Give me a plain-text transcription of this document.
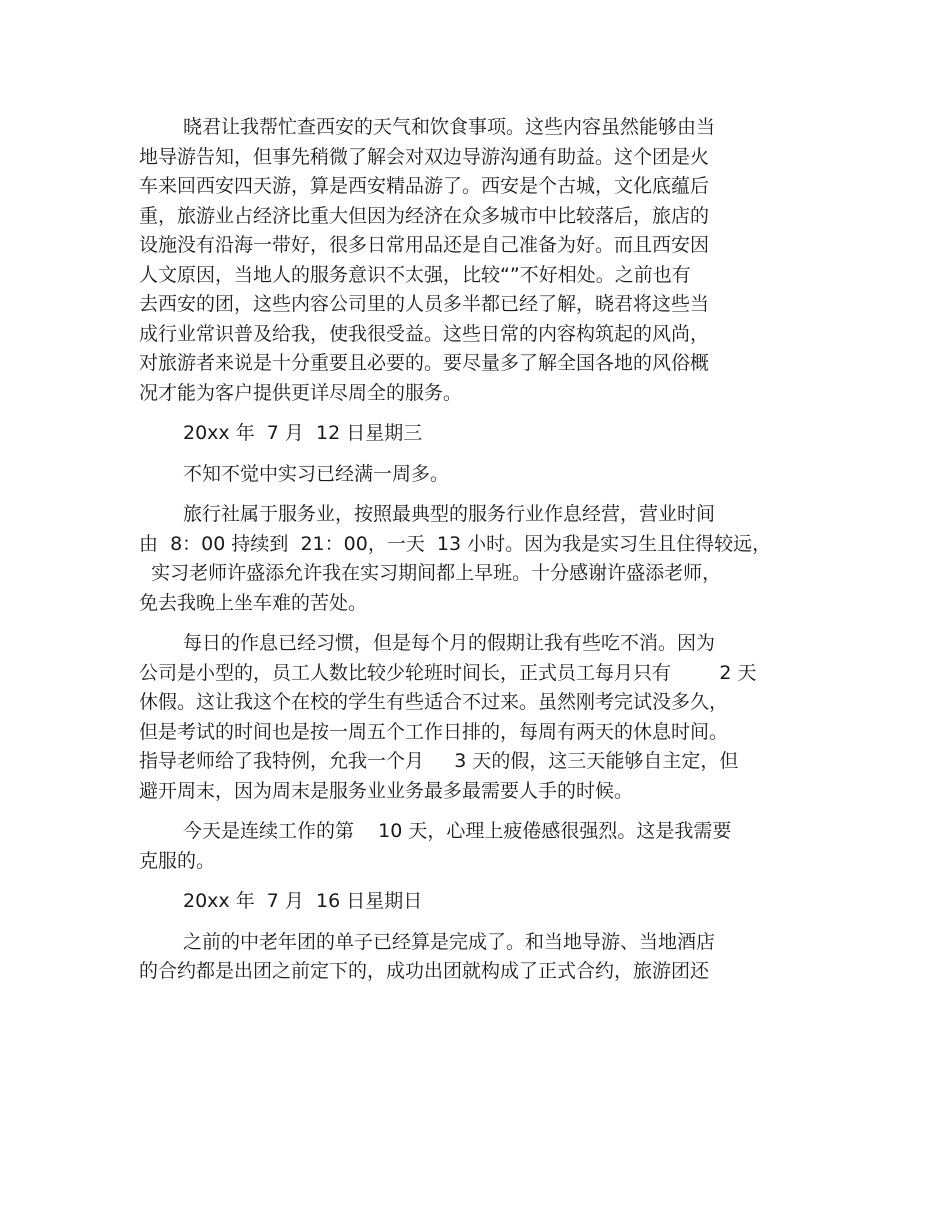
晓君让我帮忙查西安的天气和饮食事项。这些内容虽然能够由当
地导游告知，但事先稍微了解会对双边导游沟通有助益。这个团是火
车来回西安四天游，算是西安精品游了。西安是个古城，文化底蕴后
重，旅游业占经济比重大但因为经济在众多城市中比较落后，旅店的
设施没有沿海一带好，很多日常用品还是自己准备为好。而且西安因
人文原因，当地人的服务意识不太强，比较“”不好相处。之前也有
去西安的团，这些内容公司里的人员多半都已经了解，晓君将这些当
成行业常识普及给我，使我很受益。这些日常的内容构筑起的风尚，
对旅游者来说是十分重要且必要的。要尽量多了解全国各地的风俗概
况才能为客户提供更详尽周全的服务。
20xx 年  7 月  12 日星期三
不知不觉中实习已经满一周多。
旅行社属于服务业，按照最典型的服务行业作息经营，营业时间
由  8：00 持续到  21：00，一天  13 小时。因为我是实习生且住得较远，
实习老师许盛添允许我在实习期间都上早班。十分感谢许盛添老师，
免去我晚上坐车难的苦处。
每日的作息已经习惯，但是每个月的假期让我有些吃不消。因为
公司是小型的，员工人数比较少轮班时间长，正式员工每月只有        2 天
休假。这让我这个在校的学生有些适合不过来。虽然刚考完试没多久，
但是考试的时间也是按一周五个工作日排的，每周有两天的休息时间。
指导老师给了我特例，允我一个月     3 天的假，这三天能够自主定，但
避开周末，因为周末是服务业业务最多最需要人手的时候。
今天是连续工作的第    10 天，心理上疲倦感很强烈。这是我需要
克服的。
20xx 年  7 月  16 日星期日
之前的中老年团的单子已经算是完成了。和当地导游、当地酒店
的合约都是出团之前定下的，成功出团就构成了正式合约，旅游团还
